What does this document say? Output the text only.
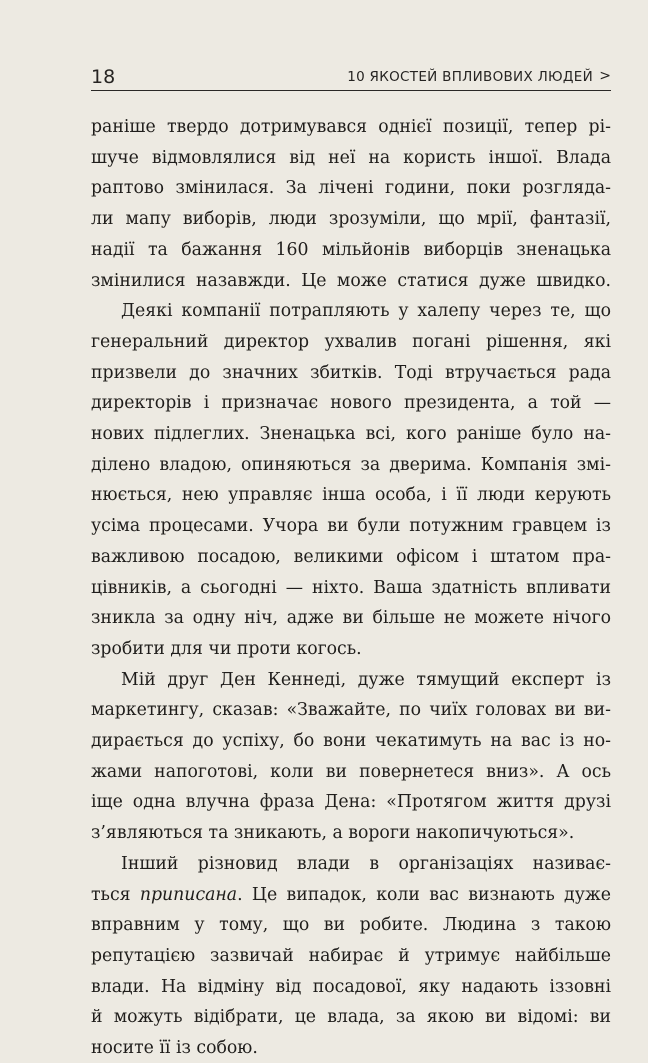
18	10 ЯКОСТЕЙ ВПЛИВОВИХ ЛЮДЕЙ >
раніше твердо дотримувався однієї позиції, тепер рі-
шуче відмовлялися від неї на користь іншої. Влада
раптово змінилася. За лічені години, поки розгляда-
ли мапу виборів, люди зрозуміли, що мрії, фантазії,
надії та бажання 160 мільйонів виборців зненацька
змінилися назавжди. Це може статися дуже швидко.
Деякі компанії потрапляють у халепу через те, що
генеральний директор ухвалив погані рішення, які
призвели до значних збитків. Тоді втручається рада
директорів і призначає нового президента, а той —
нових підлеглих. Зненацька всі, кого раніше було на-
ділено владою, опиняються за дверима. Компанія змі-
нюється, нею управляє інша особа, і її люди керують
усіма процесами. Учора ви були потужним гравцем із
важливою посадою, великими офісом і штатом пра-
цівників, а сьогодні — ніхто. Ваша здатність впливати
зникла за одну ніч, адже ви більше не можете нічого
зробити для чи проти когось.
Мій друг Ден Кеннеді, дуже тямущий експерт із
маркетингу, сказав: «Зважайте, по чиїх головах ви ви-
дирається до успіху, бо вони чекатимуть на вас із но-
жами напоготові, коли ви повернетеся вниз». А ось
іще одна влучна фраза Дена: «Протягом життя друзі
з’являються та зникають, а вороги накопичуються».
Інший різновид влади в організаціях називає-
ться приписана. Це випадок, коли вас визнають дуже
вправним у тому, що ви робите. Людина з такою
репутацією зазвичай набирає й утримує найбільше
влади. На відміну від посадової, яку надають іззовні
й можуть відібрати, це влада, за якою ви відомі: ви
носите її із собою.
